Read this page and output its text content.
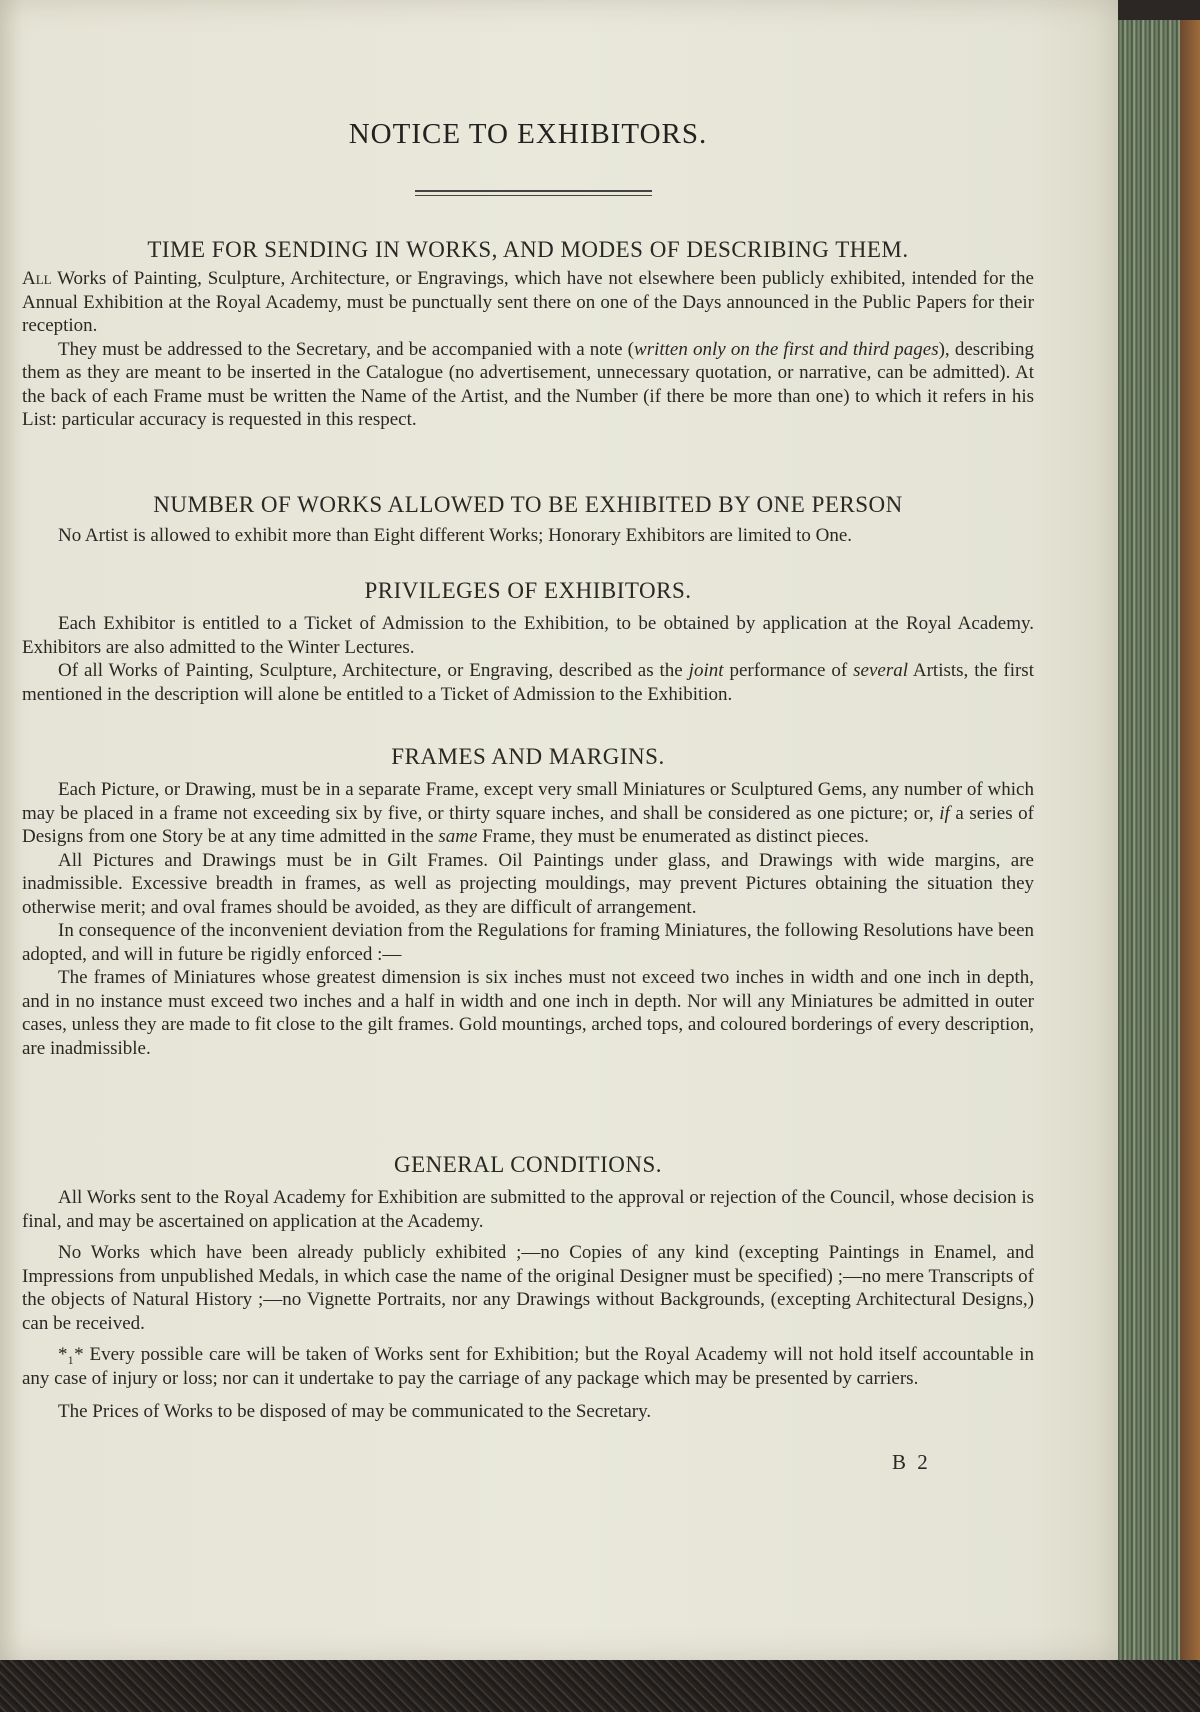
NOTICE TO EXHIBITORS.
TIME FOR SENDING IN WORKS, AND MODES OF DESCRIBING THEM.

All Works of Painting, Sculpture, Architecture, or Engravings, which have not elsewhere been publicly exhibited, intended for the Annual Exhibition at the Royal Academy, must be punctually sent there on one of the Days announced in the Public Papers for their reception.

They must be addressed to the Secretary, and be accompanied with a note (written only on the first and third pages), describing them as they are meant to be inserted in the Catalogue (no advertisement, unnecessary quotation, or narrative, can be admitted). At the back of each Frame must be written the Name of the Artist, and the Number (if there be more than one) to which it refers in his List: particular accuracy is requested in this respect.

NUMBER OF WORKS ALLOWED TO BE EXHIBITED BY ONE PERSON

No Artist is allowed to exhibit more than Eight different Works; Honorary Exhibitors are limited to One.

PRIVILEGES OF EXHIBITORS.

Each Exhibitor is entitled to a Ticket of Admission to the Exhibition, to be obtained by application at the Royal Academy. Exhibitors are also admitted to the Winter Lectures.

Of all Works of Painting, Sculpture, Architecture, or Engraving, described as the joint performance of several Artists, the first mentioned in the description will alone be entitled to a Ticket of Admission to the Exhibition.

FRAMES AND MARGINS.

Each Picture, or Drawing, must be in a separate Frame, except very small Miniatures or Sculptured Gems, any number of which may be placed in a frame not exceeding six by five, or thirty square inches, and shall be considered as one picture; or, if a series of Designs from one Story be at any time admitted in the same Frame, they must be enumerated as distinct pieces.

All Pictures and Drawings must be in Gilt Frames. Oil Paintings under glass, and Drawings with wide margins, are inadmissible. Excessive breadth in frames, as well as projecting mouldings, may prevent Pictures obtaining the situation they otherwise merit; and oval frames should be avoided, as they are difficult of arrangement.

In consequence of the inconvenient deviation from the Regulations for framing Miniatures, the following Resolutions have been adopted, and will in future be rigidly enforced :—

The frames of Miniatures whose greatest dimension is six inches must not exceed two inches in width and one inch in depth, and in no instance must exceed two inches and a half in width and one inch in depth. Nor will any Miniatures be admitted in outer cases, unless they are made to fit close to the gilt frames. Gold mountings, arched tops, and coloured borderings of every description, are inadmissible.

GENERAL CONDITIONS.

All Works sent to the Royal Academy for Exhibition are submitted to the approval or rejection of the Council, whose decision is final, and may be ascertained on application at the Academy.

No Works which have been already publicly exhibited ;—no Copies of any kind (excepting Paintings in Enamel, and Impressions from unpublished Medals, in which case the name of the original Designer must be specified) ;—no mere Transcripts of the objects of Natural History ;—no Vignette Portraits, nor any Drawings without Backgrounds, (excepting Architectural Designs,) can be received.

*₁* Every possible care will be taken of Works sent for Exhibition; but the Royal Academy will not hold itself accountable in any case of injury or loss; nor can it undertake to pay the carriage of any package which may be presented by carriers.

The Prices of Works to be disposed of may be communicated to the Secretary.

B 2
